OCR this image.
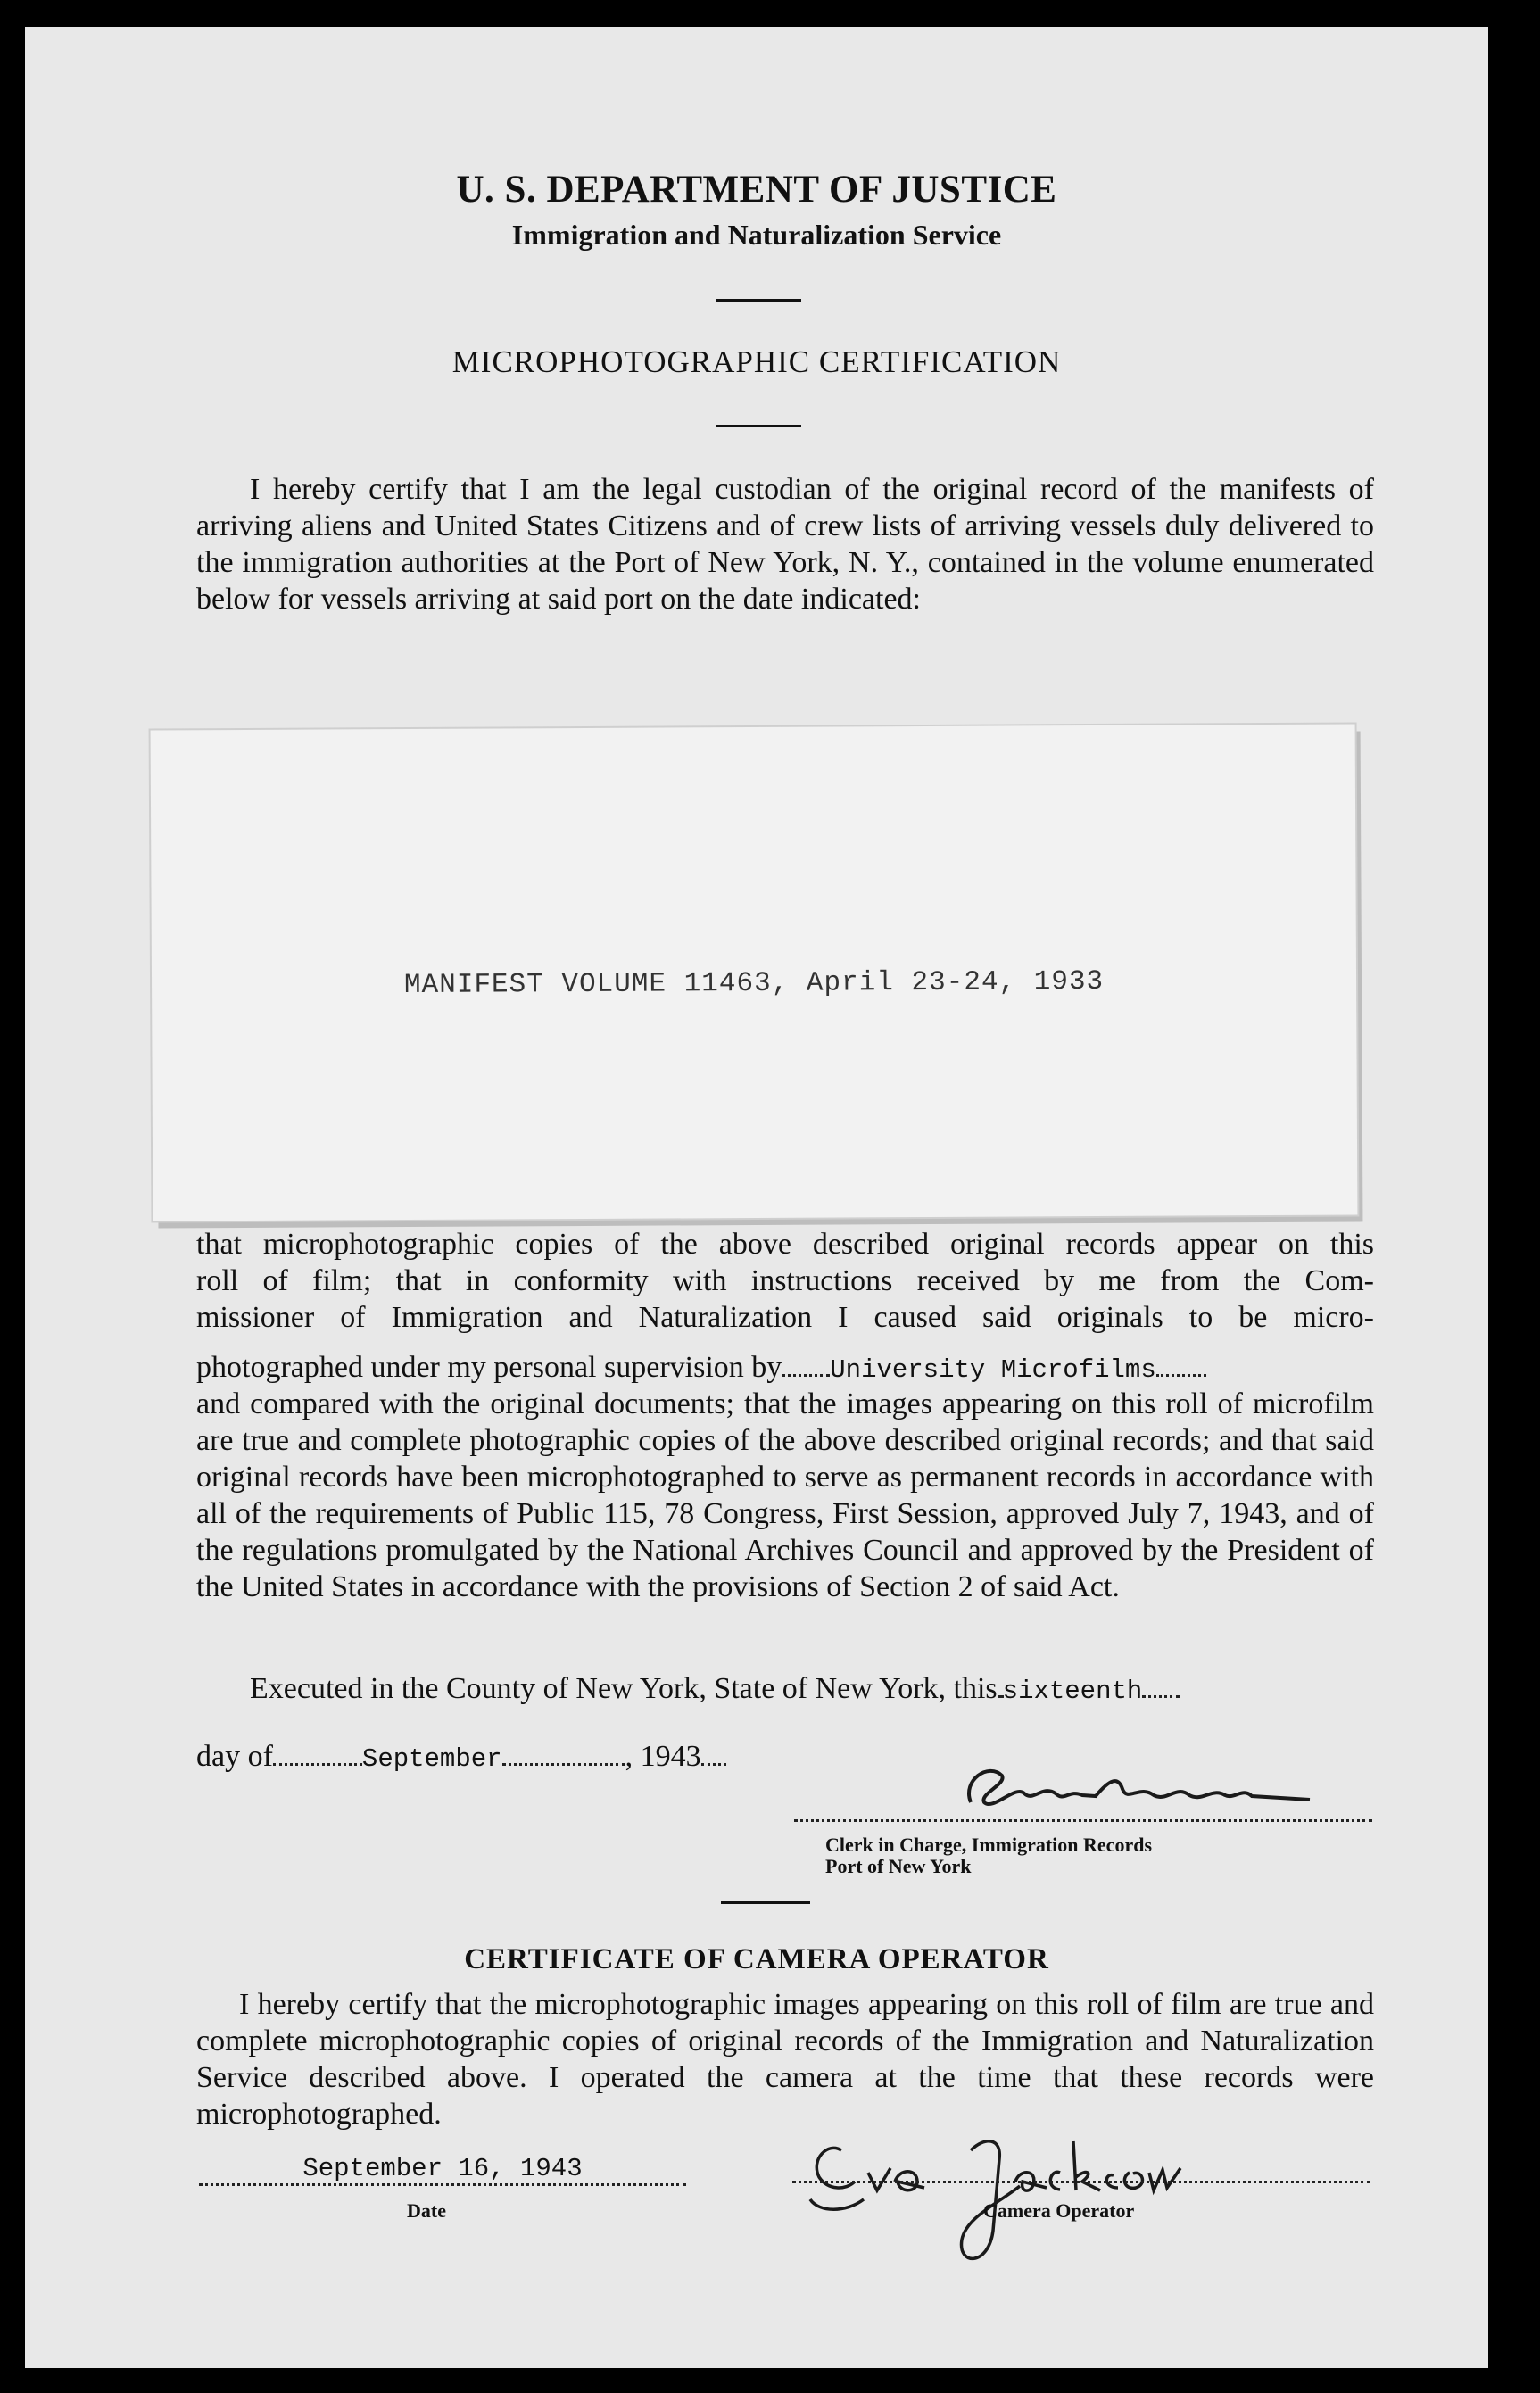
U. S. DEPARTMENT OF JUSTICE
Immigration and Naturalization Service
MICROPHOTOGRAPHIC CERTIFICATION
I hereby certify that I am the legal custodian of the original record of the manifests of arriving aliens and United States Citizens and of crew lists of arriving vessels duly delivered to the immigration authorities at the Port of New York, N. Y., contained in the volume enumerated below for vessels arriving at said port on the date indicated:
MANIFEST VOLUME 11463, April 23-24, 1933
that microphotographic copies of the above described original records appear on this
roll of film; that in conformity with instructions received by me from the Com-
missioner of Immigration and Naturalization I caused said originals to be micro-
photographed under my personal supervision by University Microfilms
and compared with the original documents; that the images appearing on this roll of microfilm are true and complete photographic copies of the above described original records; and that said original records have been microphotographed to serve as permanent records in accordance with all of the requirements of Public 115, 78 Congress, First Session, approved July 7, 1943, and of the regulations promulgated by the National Archives Council and approved by the President of the United States in accordance with the provisions of Section 2 of said Act.
Executed in the County of New York, State of New York, this sixteenth
day of	September	, 1943
Clerk in Charge, Immigration Records
Port of New York
CERTIFICATE OF CAMERA OPERATOR
I hereby certify that the microphotographic images appearing on this roll of film are true and complete microphotographic copies of original records of the Immigration and Naturalization Service described above. I operated the camera at the time that these records were microphotographed.
September 16, 1943
Date	Camera Operator
